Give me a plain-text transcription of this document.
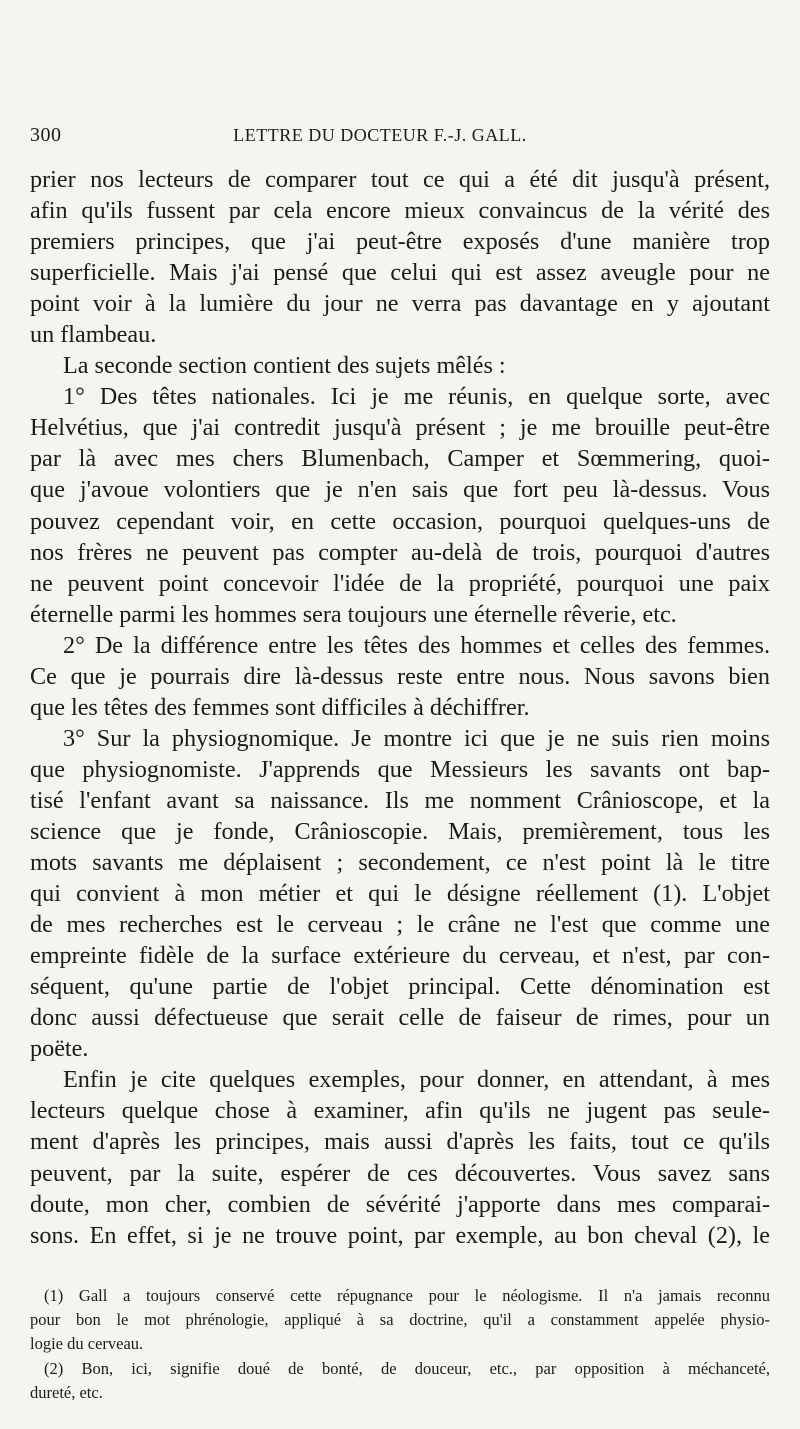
300	LETTRE DU DOCTEUR F.-J. GALL.
prier nos lecteurs de comparer tout ce qui a été dit jusqu'à présent,
afin qu'ils fussent par cela encore mieux convaincus de la vérité des
premiers principes, que j'ai peut-être exposés d'une manière trop
superficielle. Mais j'ai pensé que celui qui est assez aveugle pour ne
point voir à la lumière du jour ne verra pas davantage en y ajoutant
un flambeau.
La seconde section contient des sujets mêlés :
1° Des têtes nationales. Ici je me réunis, en quelque sorte, avec
Helvétius, que j'ai contredit jusqu'à présent ; je me brouille peut-être
par là avec mes chers Blumenbach, Camper et Sœmmering, quoi-
que j'avoue volontiers que je n'en sais que fort peu là-dessus. Vous
pouvez cependant voir, en cette occasion, pourquoi quelques-uns de
nos frères ne peuvent pas compter au-delà de trois, pourquoi d'autres
ne peuvent point concevoir l'idée de la propriété, pourquoi une paix
éternelle parmi les hommes sera toujours une éternelle rêverie, etc.
2° De la différence entre les têtes des hommes et celles des femmes.
Ce que je pourrais dire là-dessus reste entre nous. Nous savons bien
que les têtes des femmes sont difficiles à déchiffrer.
3° Sur la physiognomique. Je montre ici que je ne suis rien moins
que physiognomiste. J'apprends que Messieurs les savants ont bap-
tisé l'enfant avant sa naissance. Ils me nomment Crânioscope, et la
science que je fonde, Crânioscopie. Mais, premièrement, tous les
mots savants me déplaisent ; secondement, ce n'est point là le titre
qui convient à mon métier et qui le désigne réellement (1). L'objet
de mes recherches est le cerveau ; le crâne ne l'est que comme une
empreinte fidèle de la surface extérieure du cerveau, et n'est, par con-
séquent, qu'une partie de l'objet principal. Cette dénomination est
donc aussi défectueuse que serait celle de faiseur de rimes, pour un
poëte.
Enfin je cite quelques exemples, pour donner, en attendant, à mes
lecteurs quelque chose à examiner, afin qu'ils ne jugent pas seule-
ment d'après les principes, mais aussi d'après les faits, tout ce qu'ils
peuvent, par la suite, espérer de ces découvertes. Vous savez sans
doute, mon cher, combien de sévérité j'apporte dans mes comparai-
sons. En effet, si je ne trouve point, par exemple, au bon cheval (2), le
(1) Gall a toujours conservé cette répugnance pour le néologisme. Il n'a jamais reconnu
pour bon le mot phrénologie, appliqué à sa doctrine, qu'il a constamment appelée physio-
logie du cerveau.
(2) Bon, ici, signifie doué de bonté, de douceur, etc., par opposition à méchanceté,
dureté, etc.
